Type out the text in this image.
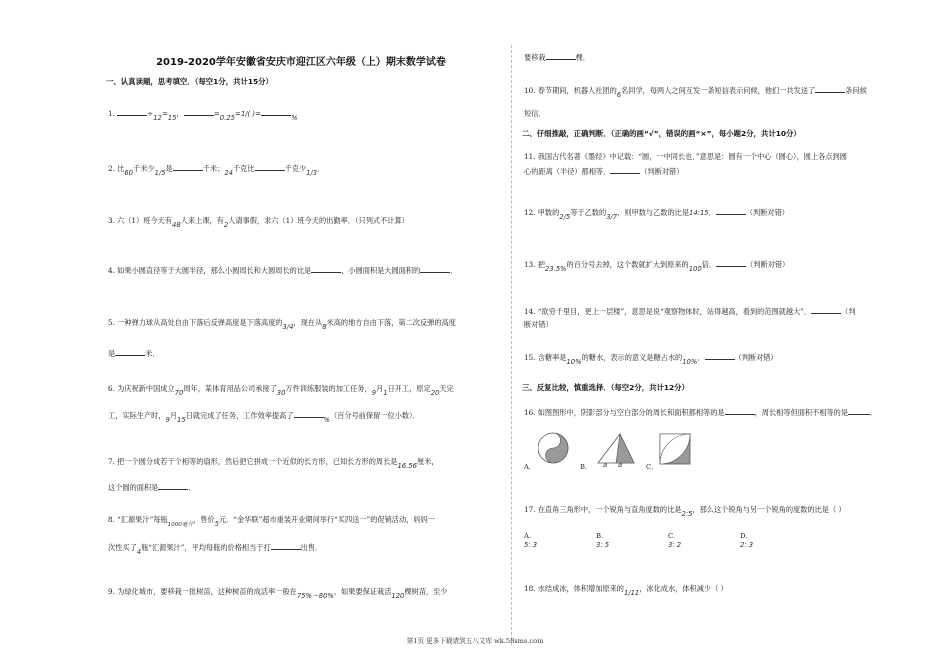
2019-2020学年安徽省安庆市迎江区六年级（上）期末数学试卷
一、认真读题，思考填空．（每空1分，共计15分）
1.	÷12=15，	=0.25=1/( )=	%
2. 比60千米少1/5是	千米；24千克比	千克少1/3．
3. 六（1）班今天有48人来上课，有2人请事假，求六（1）班今天的出勤率．（只列式不计算）
4. 如果小圆直径等于大圆半径，那么小圆周长和大圆周长的比是	，小圆面积是大圆面积的	．
5. 一种弹力球从高处自由下落后反弹高度是下落高度的3/4，现在从8米高的地方自由下落，第二次反弹的高度
是	米．
6. 为庆祝新中国成立70周年，某体育用品公司承接了30万件训练服装的加工任务，9月1日开工，原定20天完
工，实际生产时，9月15日就完成了任务，工作效率提高了	%（百分号前保留一位小数）．
7. 把一个圆分成若干个相等的扇形，然后把它拼成一个近似的长方形，已知长方形的周长是16.56厘米，
这个圆的面积是	．
8. “汇源果汁”每瓶$_{1000毫升}$，售价5元．“金华联”超市重装开业期间举行“买四送一”的促销活动，妈妈一
次性买了4瓶“汇源果汁”，平均每瓶的价格相当于打	出售．
9. 为绿化城市，要移栽一批树苗，这种树苗的成活率一般在75%～80%，如果要保证栽活120棵树苗，至少
要移栽	棵．
10. 春节期间，机器人社团的6名同学，每两人之间互发一条短信表示问候，他们一共发送了	条问候
短信．
二、仔细推敲，正确判断．（正确的画“√”，错误的画“×”，每小题2分，共计10分）
11. 我国古代名著《墨经》中记载：“圆，一中同长也．”意思是：圆有一个中心（圆心），圆上各点到圆
心的距离（半径）都相等．	（判断对错）
12. 甲数的2/5等于乙数的3/7，则甲数与乙数的比是14:15．	（判断对错）
13. 把23.5%的百分号去掉，这个数就扩大到原来的100倍．	（判断对错）
14. “欲穷千里目，更上一层楼”，意思是说“观察物体时，站得越高，看到的范围就越大”．	（判
断对错）
15. 含糖率是10%的糖水，表示的意义是糖占水的10%．	（判断对错）
三、反复比较，慎重选择．（每空2分，共计12分）
16. 如图图形中，阴影部分与空白部分的周长和面积都相等的是	，周长相等但面积不相等的是	．
A．	B． a a	C．
17. 在直角三角形中，一个锐角与直角度数的比是2:5，那么这个锐角与另一个锐角的度数的比是（ ）
A.
5: 3
B.
3: 5
C.
3: 2
D.
2: 3
18. 水结成冰，体积增加原来的1/11，冰化成水，体积减少（ ）
第1页 更多下载请到五八文库 wk.58sms.com
